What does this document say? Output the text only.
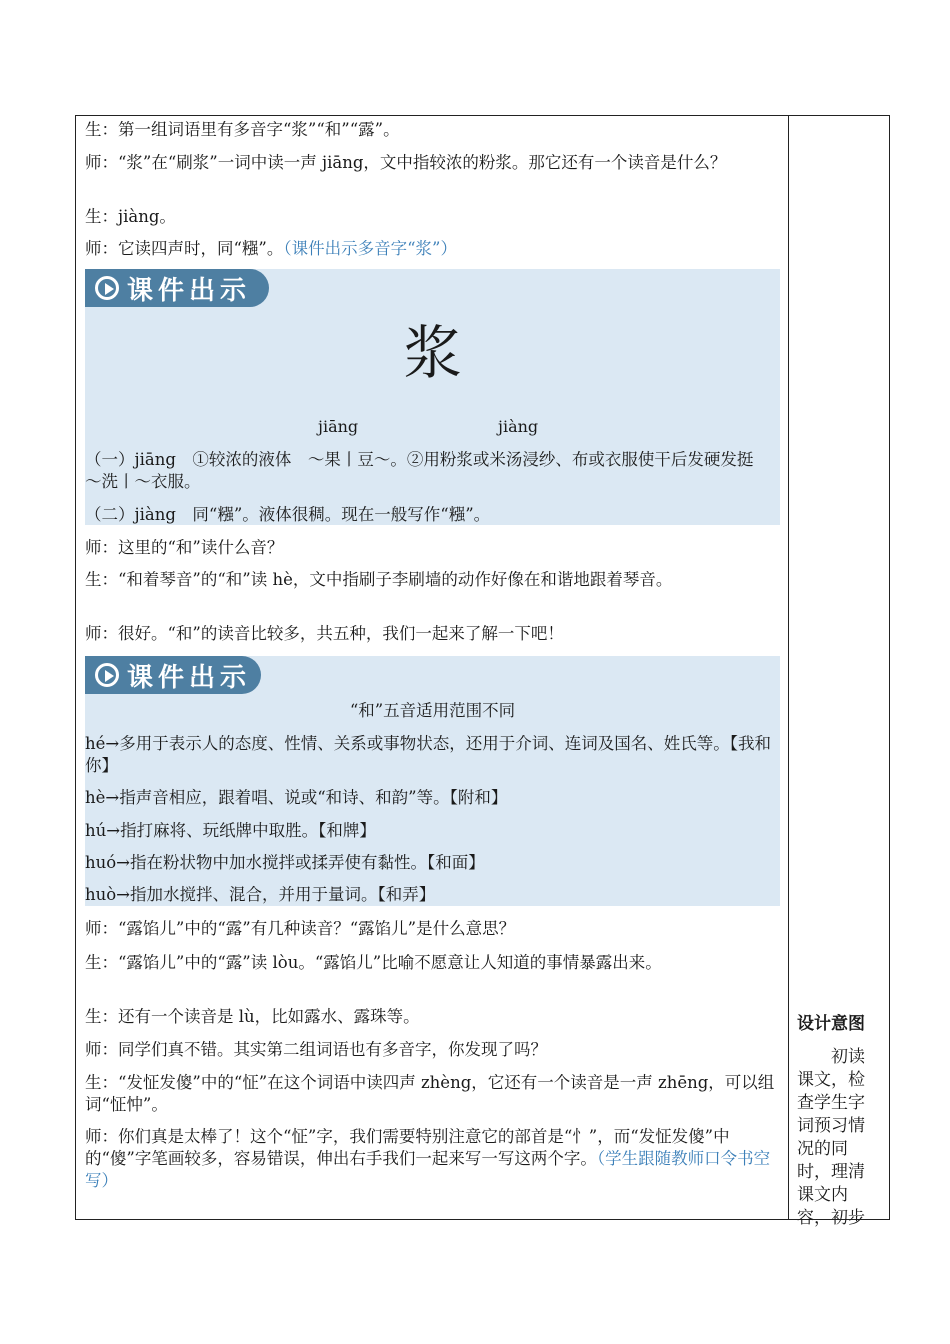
生：第一组词语里有多音字“浆”“和”“露”。

师：“浆”在“刷浆”一词中读一声 jiāng，文中指较浓的粉浆。那它还有一个读音是什么？

生：jiàng。

师：它读四声时，同“糨”。（课件出示多音字“浆”）

课件出示
浆
jiāng	jiàng

（一）jiāng　①较浓的液体　～果丨豆～。②用粉浆或米汤浸纱、布或衣服使干后发硬发挺　～洗丨～衣服。

（二）jiàng　同“糨”。液体很稠。现在一般写作“糨”。

师：这里的“和”读什么音？

生：“和着琴音”的“和”读 hè，文中指刷子李刷墙的动作好像在和谐地跟着琴音。

师：很好。“和”的读音比较多，共五种，我们一起来了解一下吧！

课件出示

“和”五音适用范围不同

hé→多用于表示人的态度、性情、关系或事物状态，还用于介词、连词及国名、姓氏等。【我和你】

hè→指声音相应，跟着唱、说或“和诗、和韵”等。【附和】

hú→指打麻将、玩纸牌中取胜。【和牌】

huó→指在粉状物中加水搅拌或揉弄使有黏性。【和面】

huò→指加水搅拌、混合，并用于量词。【和弄】

师：“露馅儿”中的“露”有几种读音？“露馅儿”是什么意思？

生：“露馅儿”中的“露”读 lòu。“露馅儿”比喻不愿意让人知道的事情暴露出来。

生：还有一个读音是 lù，比如露水、露珠等。

师：同学们真不错。其实第二组词语也有多音字，你发现了吗？

生：“发怔发傻”中的“怔”在这个词语中读四声 zhèng，它还有一个读音是一声 zhēng，可以组词“怔忡”。

师：你们真是太棒了！这个“怔”字，我们需要特别注意它的部首是“忄”，而“发怔发傻”中的“傻”字笔画较多，容易错误，伸出右手我们一起来写一写这两个字。（学生跟随教师口令书空写）

设计意图
　　初读课文，检查学生字词预习情况的同时，理清课文内容，初步
